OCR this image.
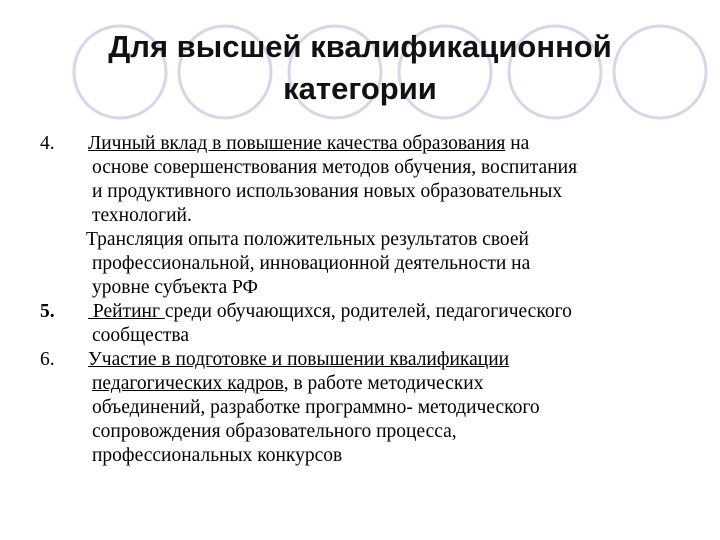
Для высшей квалификационной
категории
4. Личный вклад в повышение качества образования на
основе совершенствования методов обучения, воспитания
и продуктивного использования новых образовательных
технологий.
Трансляция опыта положительных результатов своей
профессиональной, инновационной деятельности на
уровне субъекта РФ
5. Рейтинг среди обучающихся, родителей, педагогического
сообщества
6. Участие в подготовке и повышении квалификации
педагогических кадров, в работе методических
объединений, разработке программно- методического
сопровождения образовательного процесса,
профессиональных конкурсов
